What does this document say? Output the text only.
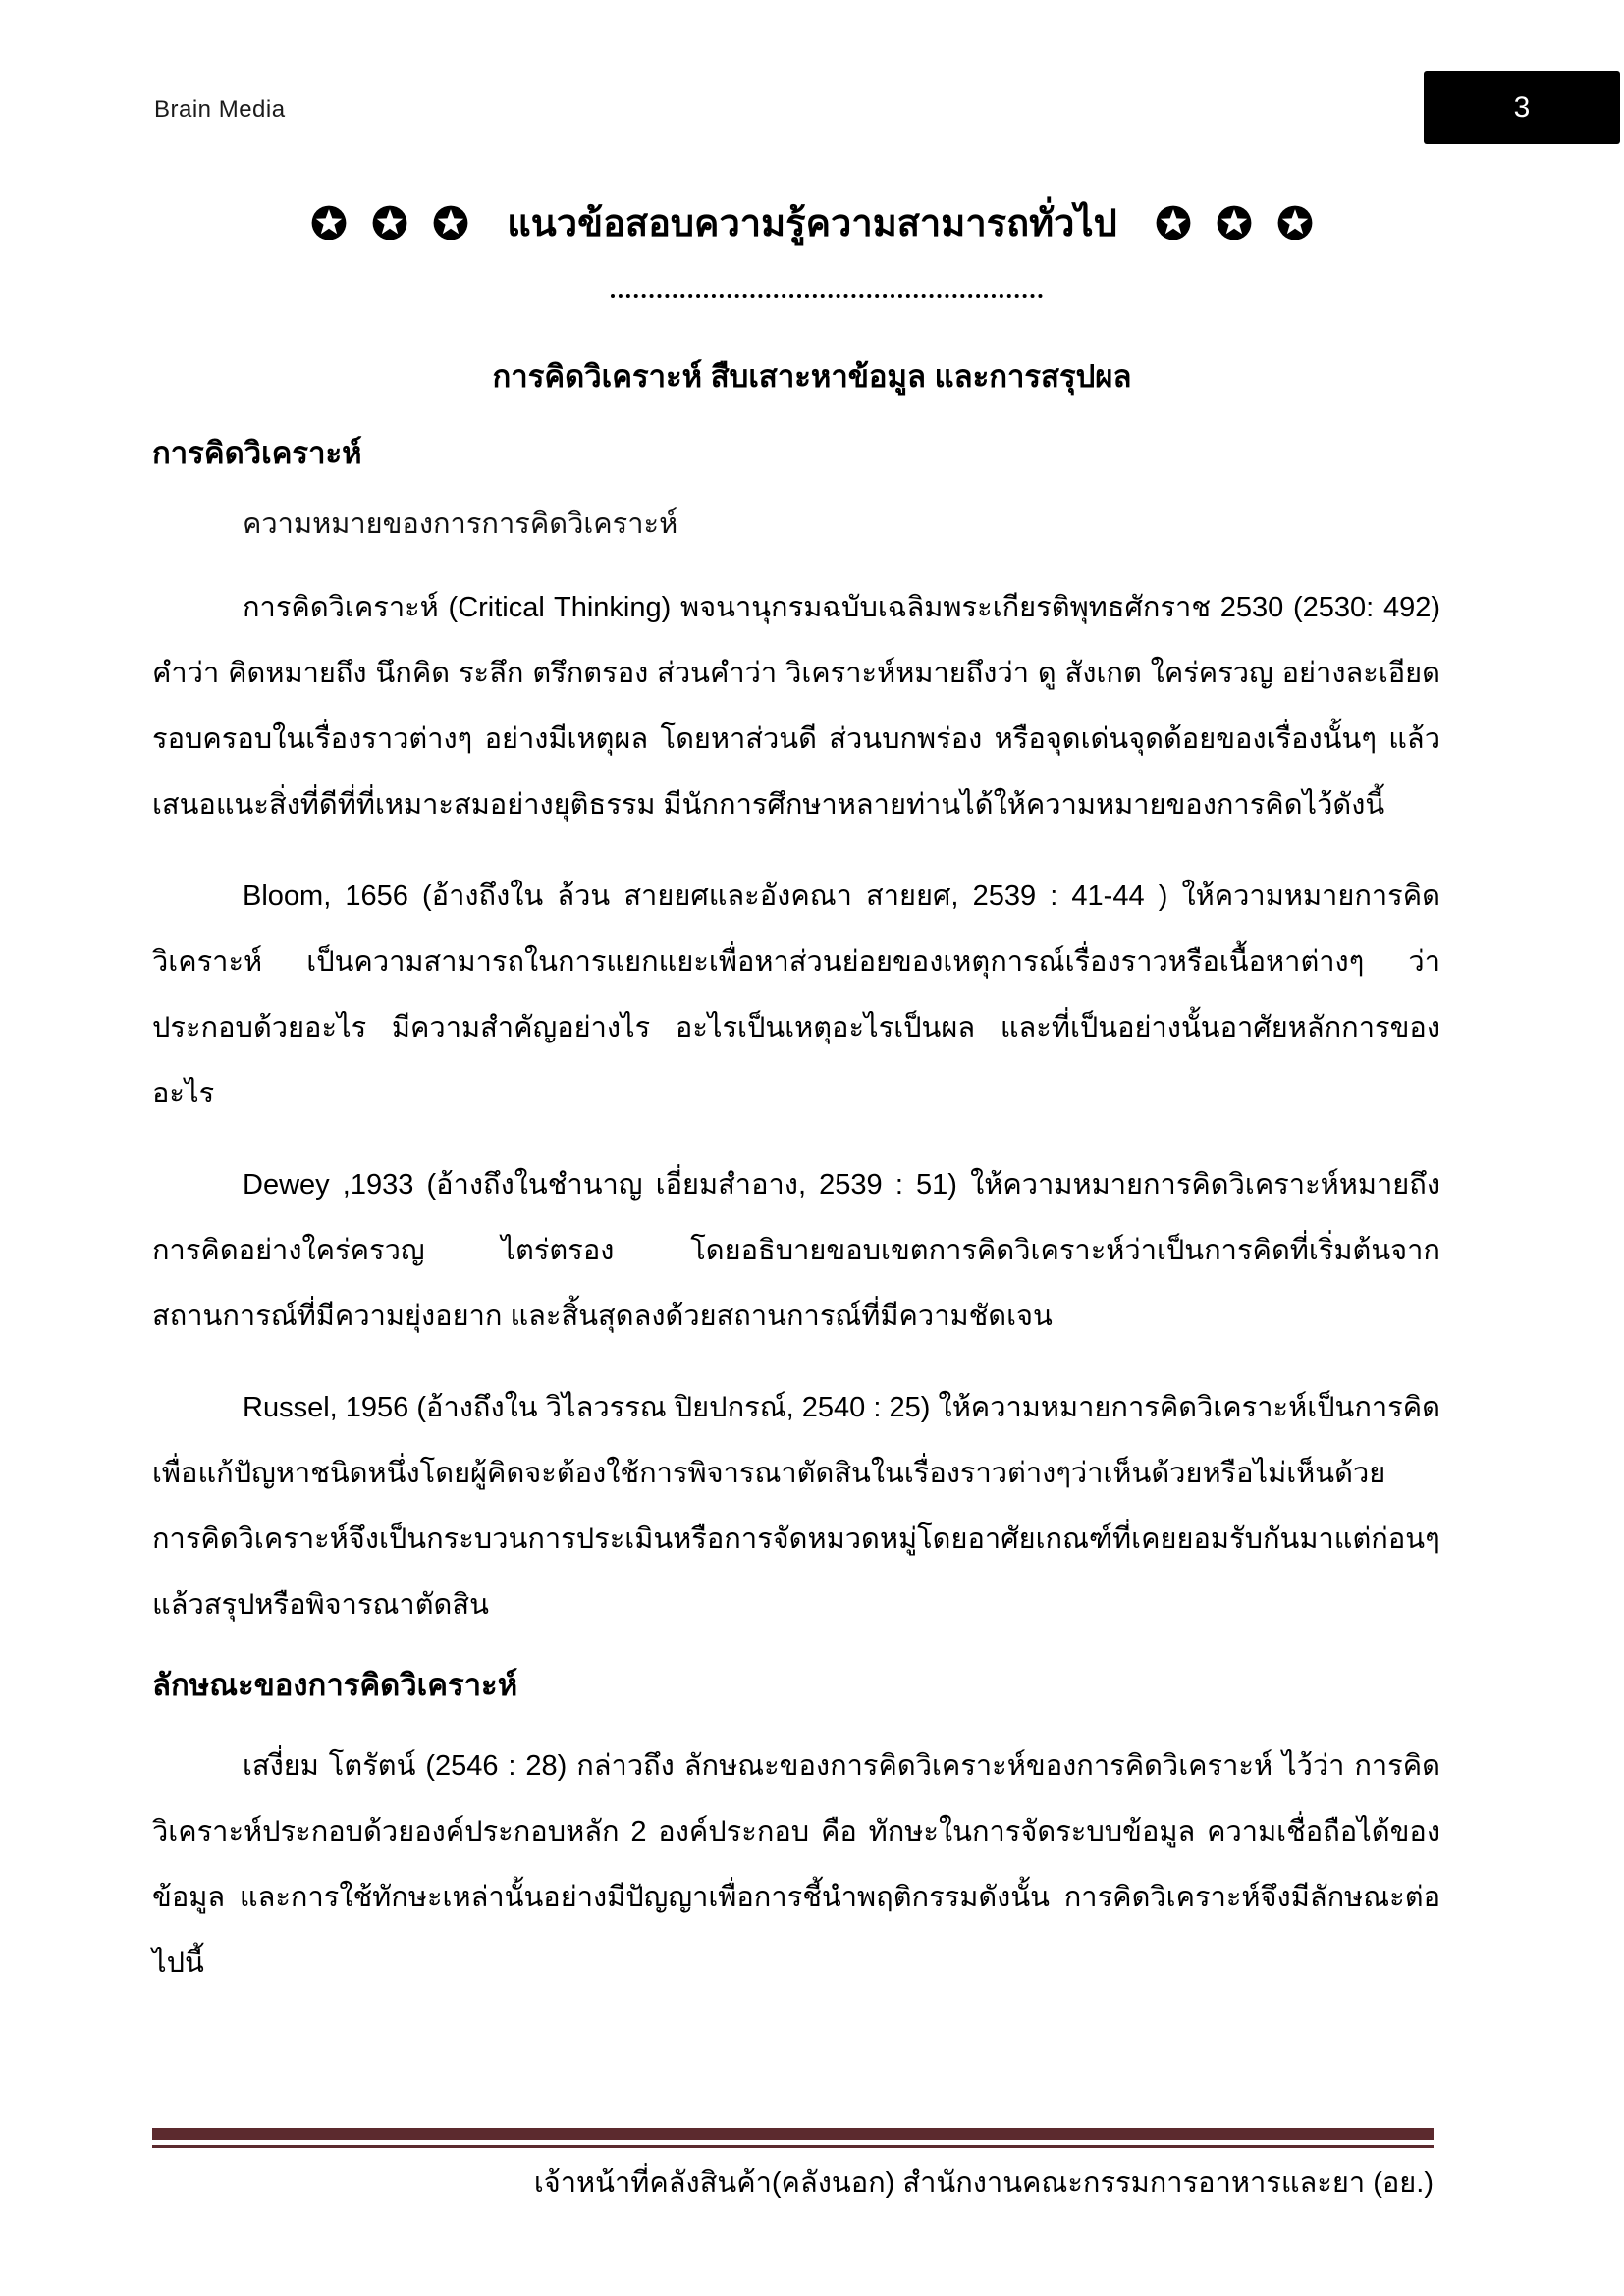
Brain Media	3
แนวข้อสอบความรู้ความสามารถทั่วไป
การคิดวิเคราะห์ สืบเสาะหาข้อมูล และการสรุปผล
การคิดวิเคราะห์
ความหมายของการการคิดวิเคราะห์
การคิดวิเคราะห์ (Critical Thinking) พจนานุกรมฉบับเฉลิมพระเกียรติพุทธศักราช 2530 (2530: 492) คำว่า คิดหมายถึง นึกคิด ระลึก ตรึกตรอง ส่วนคำว่า วิเคราะห์หมายถึงว่า ดู สังเกต ใคร่ครวญ อย่างละเอียดรอบครอบในเรื่องราวต่างๆ อย่างมีเหตุผล โดยหาส่วนดี ส่วนบกพร่อง หรือจุดเด่นจุดด้อยของเรื่องนั้นๆ แล้ว เสนอแนะสิ่งที่ดีที่ที่เหมาะสมอย่างยุติธรรม มีนักการศึกษาหลายท่านได้ให้ความหมายของการคิดไว้ดังนี้
Bloom, 1656 (อ้างถึงใน ล้วน สายยศและอังคณา สายยศ, 2539 : 41-44 ) ให้ความหมายการคิดวิเคราะห์ เป็นความสามารถในการแยกแยะเพื่อหาส่วนย่อยของเหตุการณ์เรื่องราวหรือเนื้อหาต่างๆ ว่าประกอบด้วยอะไร มีความสำคัญอย่างไร อะไรเป็นเหตุอะไรเป็นผล และที่เป็นอย่างนั้นอาศัยหลักการของอะไร
Dewey ,1933 (อ้างถึงในชำนาญ เอี่ยมสำอาง, 2539 : 51) ให้ความหมายการคิดวิเคราะห์หมายถึง การคิดอย่างใคร่ครวญ ไตร่ตรอง โดยอธิบายขอบเขตการคิดวิเคราะห์ว่าเป็นการคิดที่เริ่มต้นจากสถานการณ์ที่มีความยุ่งอยาก และสิ้นสุดลงด้วยสถานการณ์ที่มีความชัดเจน
Russel, 1956 (อ้างถึงใน วิไลวรรณ ปิยปกรณ์, 2540 : 25) ให้ความหมายการคิดวิเคราะห์เป็นการคิดเพื่อแก้ปัญหาชนิดหนึ่งโดยผู้คิดจะต้องใช้การพิจารณาตัดสินในเรื่องราวต่างๆว่าเห็นด้วยหรือไม่เห็นด้วย การคิดวิเคราะห์จึงเป็นกระบวนการประเมินหรือการจัดหมวดหมู่โดยอาศัยเกณฑ์ที่เคยยอมรับกันมาแต่ก่อนๆ แล้วสรุปหรือพิจารณาตัดสิน
ลักษณะของการคิดวิเคราะห์
เสงี่ยม โตรัตน์ (2546 : 28) กล่าวถึง ลักษณะของการคิดวิเคราะห์ของการคิดวิเคราะห์ ไว้ว่า การคิดวิเคราะห์ประกอบด้วยองค์ประกอบหลัก 2 องค์ประกอบ คือ ทักษะในการจัดระบบข้อมูล ความเชื่อถือได้ของข้อมูล และการใช้ทักษะเหล่านั้นอย่างมีปัญญาเพื่อการชี้นำพฤติกรรมดังนั้น การคิดวิเคราะห์จึงมีลักษณะต่อไปนี้
เจ้าหน้าที่คลังสินค้า(คลังนอก) สำนักงานคณะกรรมการอาหารและยา (อย.)
